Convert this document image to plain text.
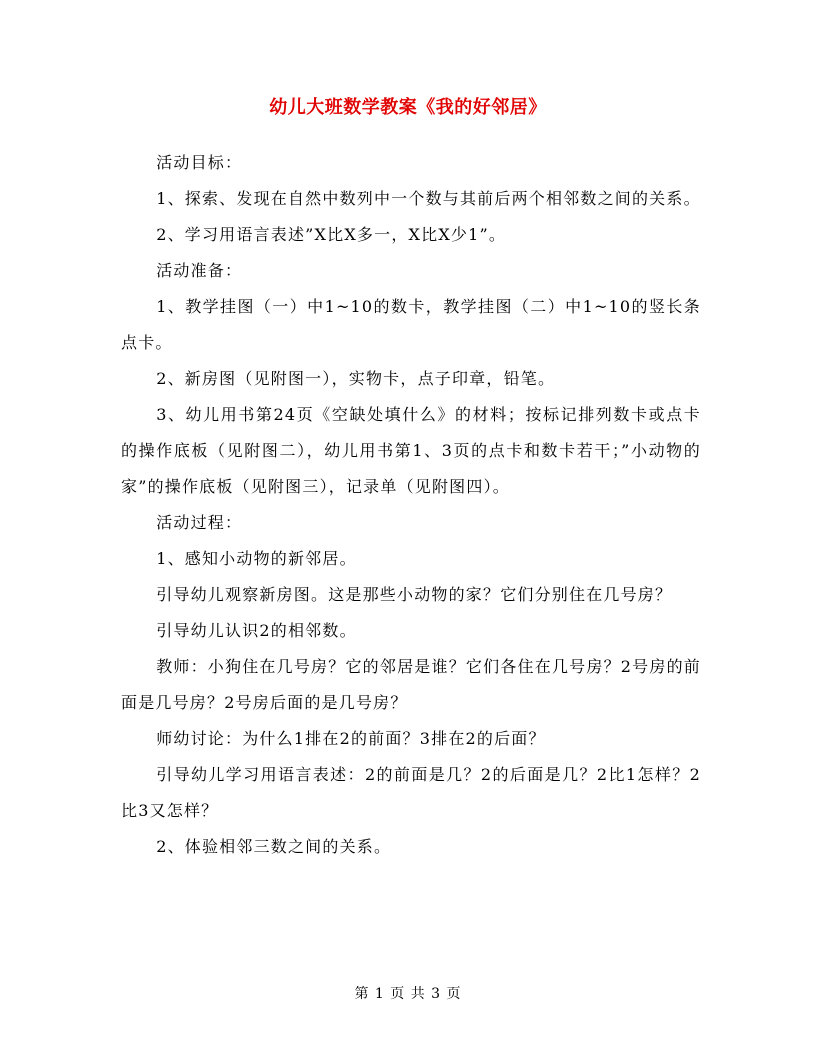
幼儿大班数学教案《我的好邻居》

活动目标：

1、探索、发现在自然中数列中一个数与其前后两个相邻数之间的关系。

2、学习用语言表述”X比X多一，X比X少1”。

活动准备：

1、教学挂图（一）中1~10的数卡，教学挂图（二）中1~10的竖长条点卡。

2、新房图（见附图一），实物卡，点子印章，铅笔。

3、幼儿用书第24页《空缺处填什么》的材料；按标记排列数卡或点卡的操作底板（见附图二），幼儿用书第1、3页的点卡和数卡若干；”小动物的家”的操作底板（见附图三），记录单（见附图四）。

活动过程：

1、感知小动物的新邻居。

引导幼儿观察新房图。这是那些小动物的家？它们分别住在几号房？

引导幼儿认识2的相邻数。

教师：小狗住在几号房？它的邻居是谁？它们各住在几号房？2号房的前面是几号房？2号房后面的是几号房？

师幼讨论：为什么1排在2的前面？3排在2的后面？

引导幼儿学习用语言表述：2的前面是几？2的后面是几？2比1怎样？2比3又怎样？

2、体验相邻三数之间的关系。

第 1 页 共 3 页
